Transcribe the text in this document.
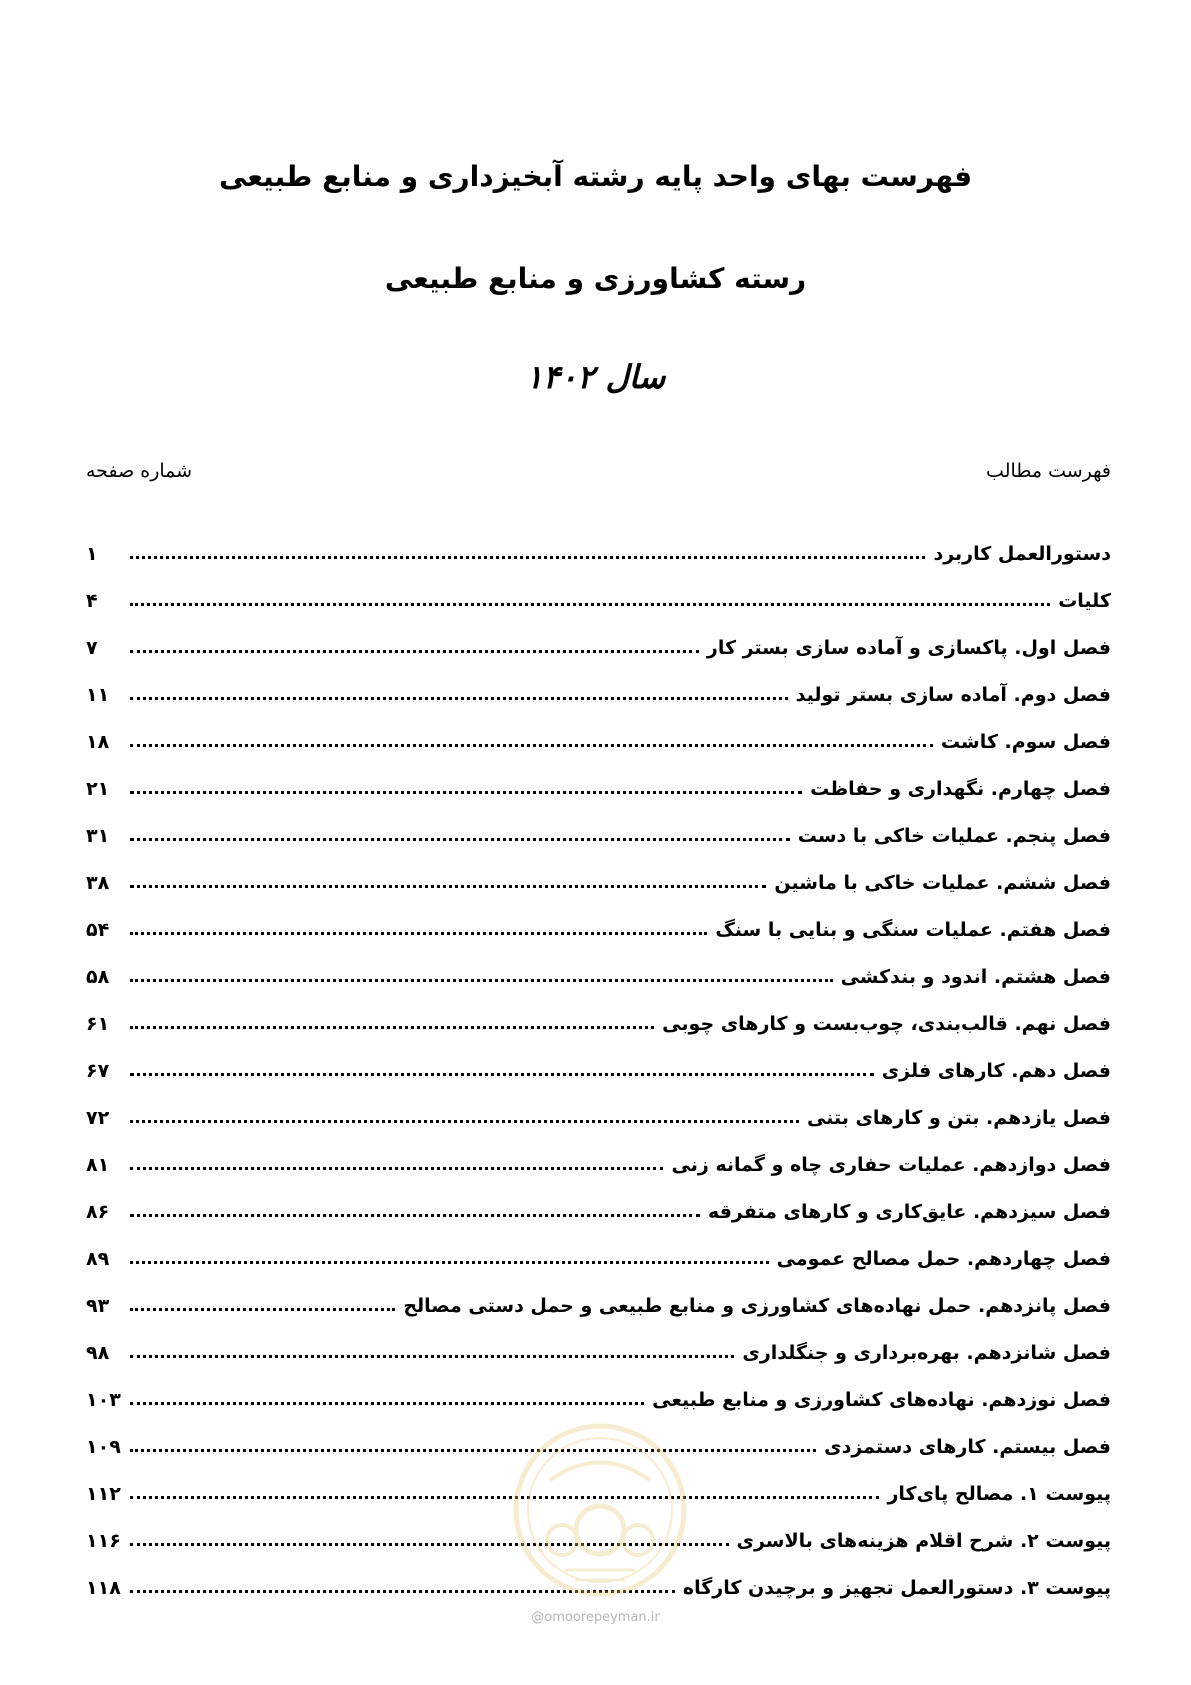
فهرست بهای واحد پایه رشته آبخیزداری و منابع طبیعی
رسته کشاورزی و منابع طبیعی
سال ۱۴۰۲
فهرست مطالب
شماره صفحه
دستورالعمل کاربرد
۱
کلیات
۴
فصل اول. پاکسازی و آماده سازی بستر کار
۷
فصل دوم. آماده سازی بستر تولید
۱۱
فصل سوم. کاشت
۱۸
فصل چهارم. نگهداری و حفاظت
۲۱
فصل پنجم. عملیات خاکی با دست
۳۱
فصل ششم. عملیات خاکی با ماشین
۳۸
فصل هفتم. عملیات سنگی و بنایی با سنگ
۵۴
فصل هشتم. اندود و بندکشی
۵۸
فصل نهم. قالب‌بندی، چوب‌بست و کارهای چوبی
۶۱
فصل دهم. کارهای فلزی
۶۷
فصل یازدهم. بتن و کارهای بتنی
۷۲
فصل دوازدهم. عملیات حفاری چاه و گمانه زنی
۸۱
فصل سیزدهم. عایق‌کاری و کارهای متفرقه
۸۶
فصل چهاردهم. حمل مصالح عمومی
۸۹
فصل پانزدهم. حمل نهاده‌های کشاورزی و منابع طبیعی و حمل دستی مصالح
۹۳
فصل شانزدهم. بهره‌برداری و جنگلداری
۹۸
فصل نوزدهم. نهاده‌های کشاورزی و منابع طبیعی
۱۰۳
فصل بیستم. کارهای دستمزدی
۱۰۹
پیوست ۱. مصالح پای‌کار
۱۱۲
پیوست ۲. شرح اقلام هزینه‌های بالاسری
۱۱۶
پیوست ۳. دستورالعمل تجهیز و برچیدن کارگاه
۱۱۸
@omoorepeyman.ir
